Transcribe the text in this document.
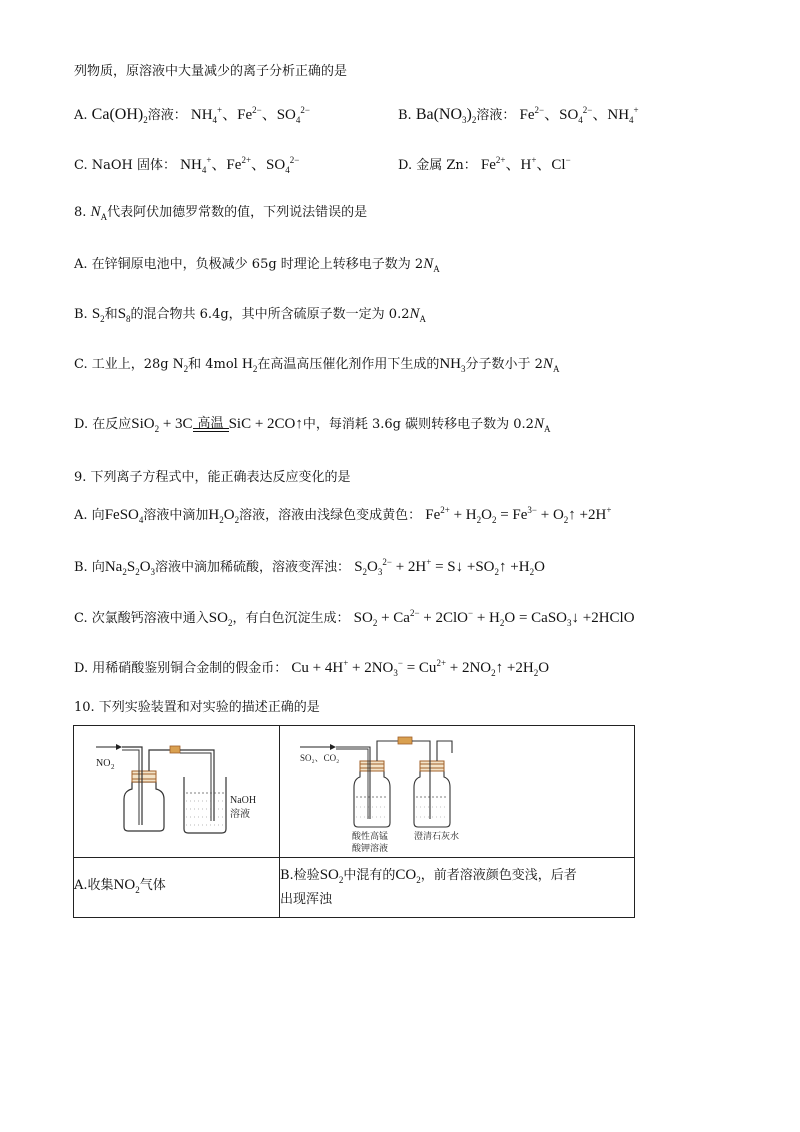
列物质，原溶液中大量减少的离子分析正确的是
A. $Ca(OH)_2$溶液： $NH_4^+$、$Fe^{2-}$、$SO_4^{2-}$	B. $Ba(NO_3)_2$溶液： $Fe^{2-}$、$SO_4^{2-}$、$NH_4^+$
C. NaOH 固体： $NH_4^+$、$Fe^{2+}$、$SO_4^{2-}$	D. 金属 Zn： $Fe^{2+}$、H+、Cl−
8. $N_A$代表阿伏加德罗常数的值，下列说法错误的是
A. 在锌铜原电池中，负极减少 65g 时理论上转移电子数为 $2N_A$
B. $S_2$和$S_8$的混合物共 6.4g，其中所含硫原子数一定为 $0.2N_A$
C. 工业上，28g $N_2$和 4mol $H_2$在高温高压催化剂作用下生成的$NH_3$分子数小于 $2N_A$
D. 在反应SiO$_2$ + 3C 高温 SiC + 2CO↑中，每消耗 3.6g 碳则转移电子数为 $0.2N_A$
9. 下列离子方程式中，能正确表达反应变化的是
A. 向FeSO$_4$溶液中滴加$H_2O_2$溶液，溶液由浅绿色变成黄色： $Fe^{2+} + H_2O_2 = Fe^{3-}$ + $O_2↑ +2H^+$
B. 向$Na_2S_2O_3$溶液中滴加稀硫酸，溶液变浑浊： $S_2O_3^{2-} + 2H^+$ = S↓ $+SO_2↑ +H_2O$
C. 次氯酸钙溶液中通入$SO_2$，有白色沉淀生成： $SO_2 + Ca^{2-} + 2ClO^- + H_2O$ = CaSO$_3$↓ +2HClO
D. 用稀硝酸鉴别铜合金制的假金币： $Cu + 4H^+ + 2NO_3^- = Cu^{2+}$ + $2NO_2↑ +2H_2O$
10. 下列实验装置和对实验的描述正确的是
NO 2
NaOH
溶液	SO₂、CO₂
酸性高锰
酸钾溶液
澄清石灰水

A.收集$NO_2$气体	B.检验$SO_2$中混有的$CO_2$，前者溶液颜色变浅，后者
出现浑浊
